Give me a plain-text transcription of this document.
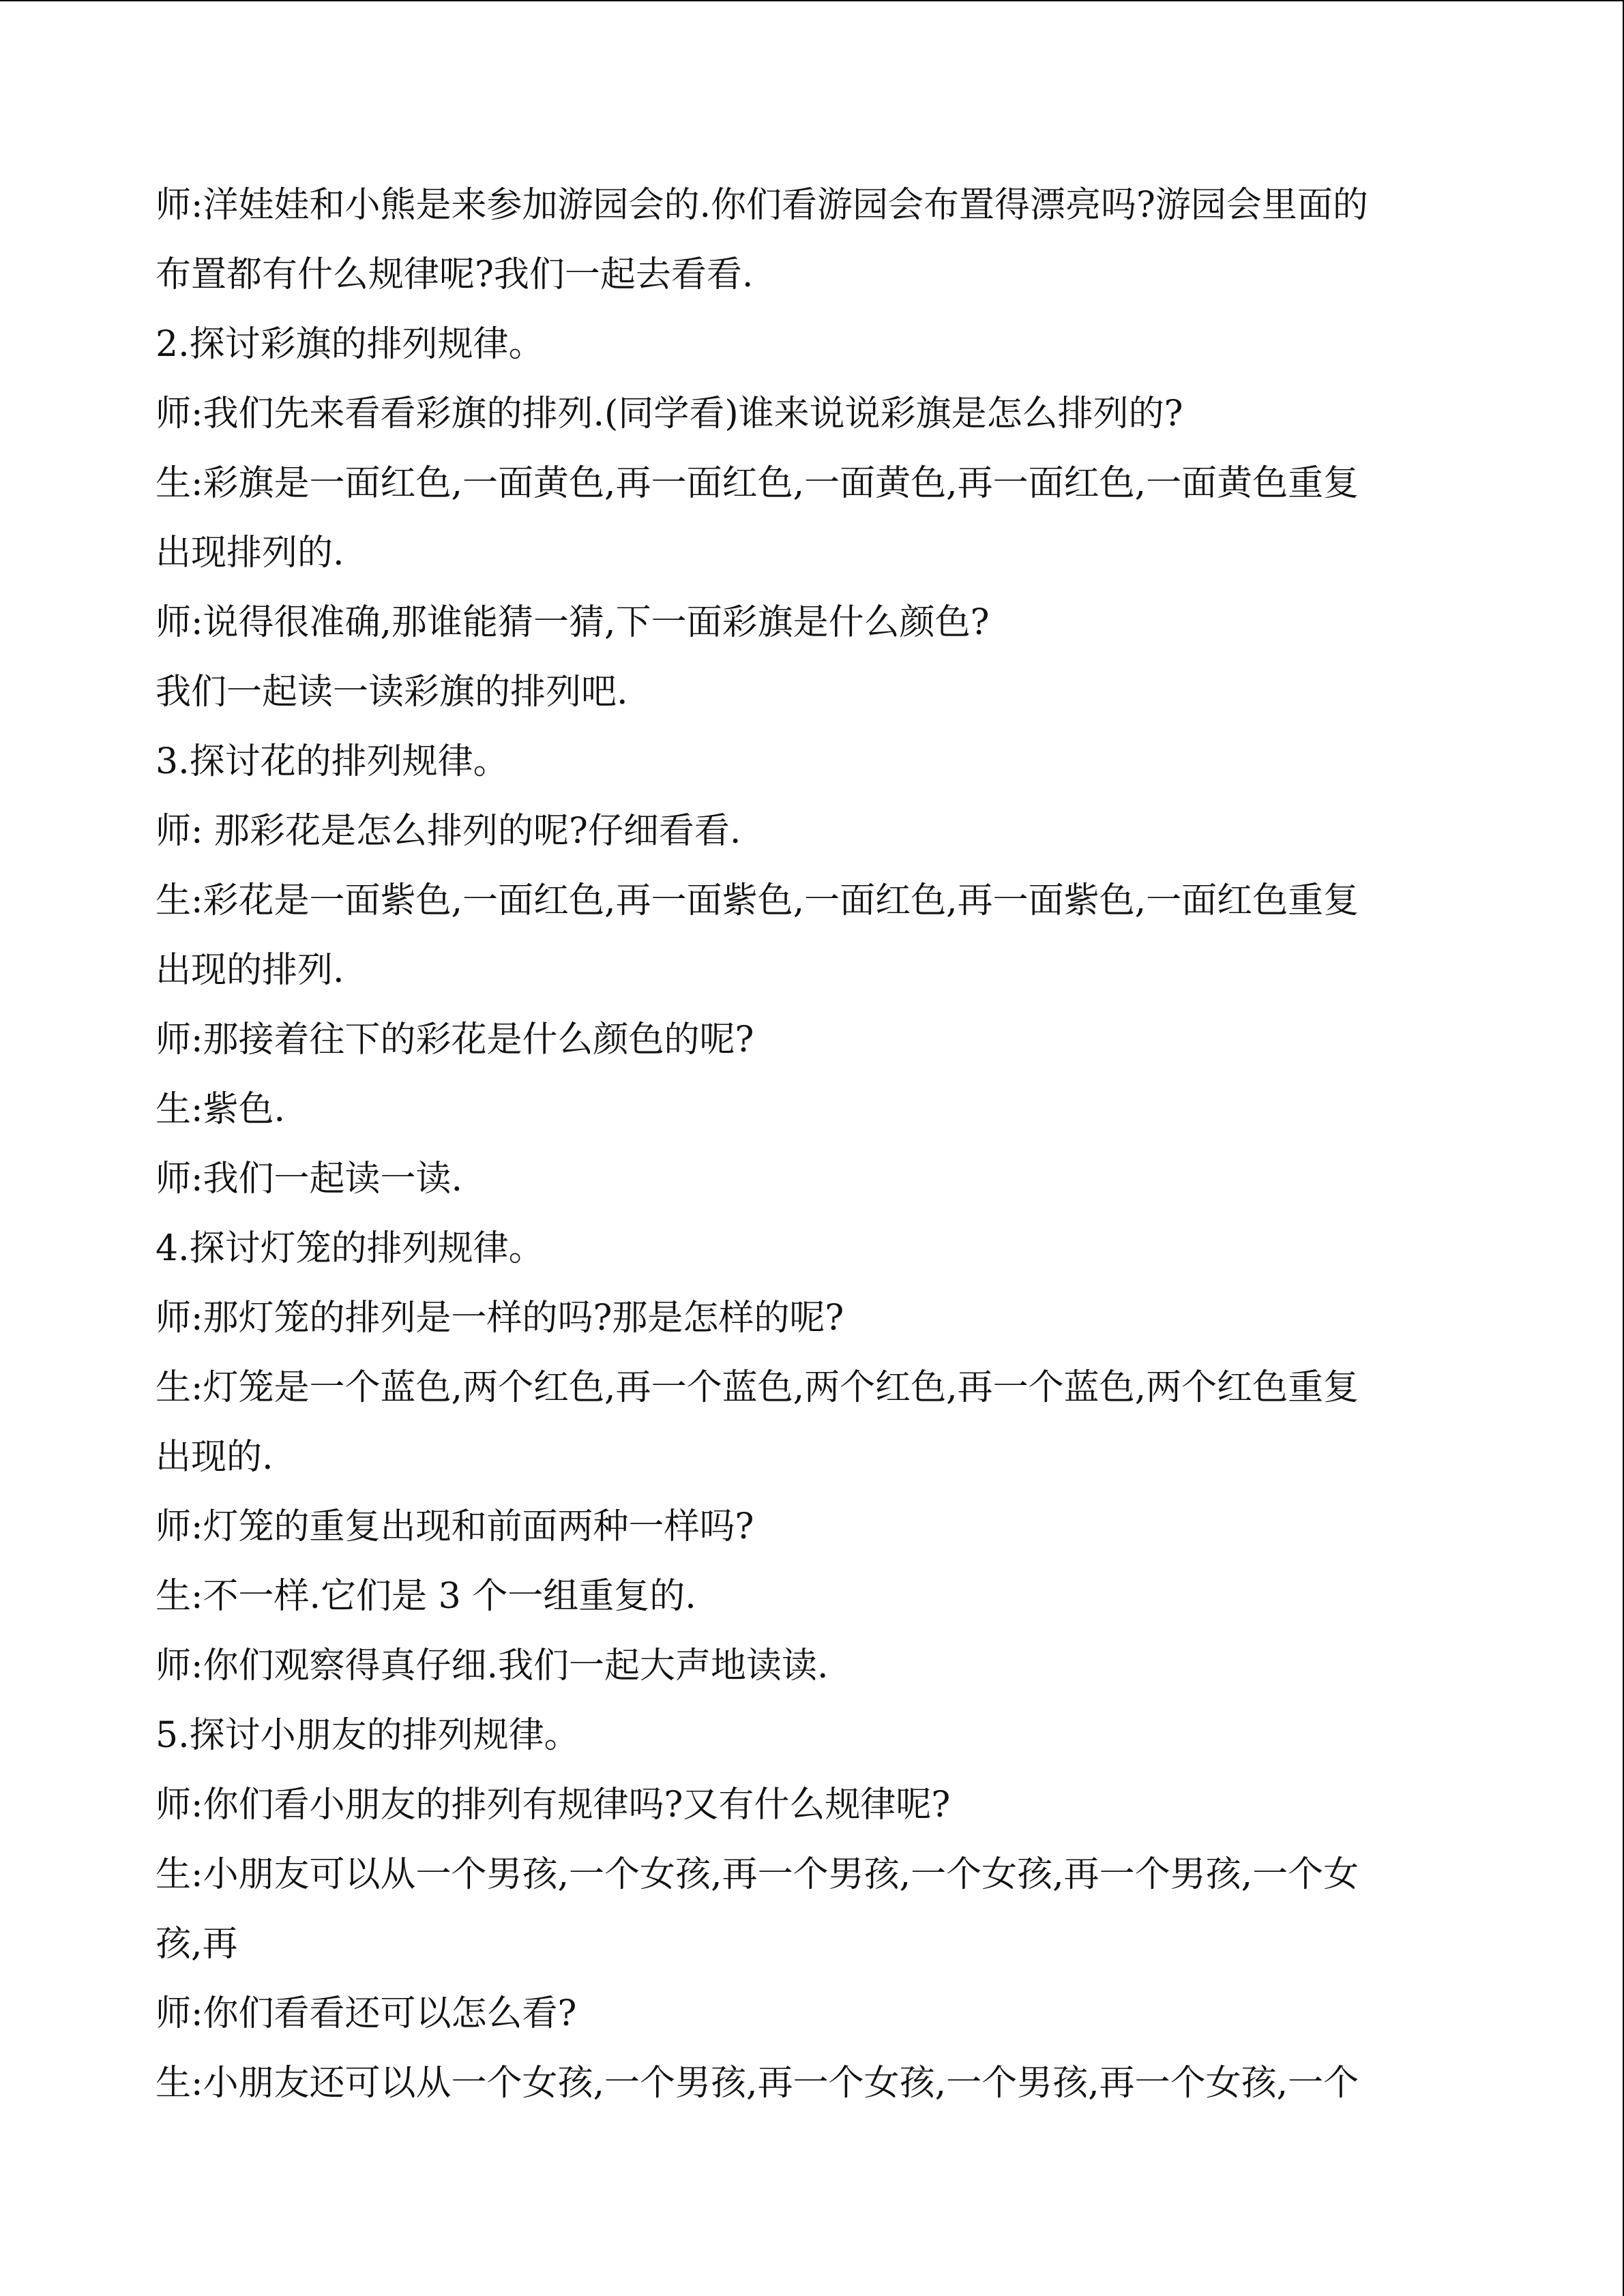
师:洋娃娃和小熊是来参加游园会的.你们看游园会布置得漂亮吗?游园会里面的
布置都有什么规律呢?我们一起去看看.
2.探讨彩旗的排列规律。
师:我们先来看看彩旗的排列.(同学看)谁来说说彩旗是怎么排列的?
生:彩旗是一面红色,一面黄色,再一面红色,一面黄色,再一面红色,一面黄色重复
出现排列的.
师:说得很准确,那谁能猜一猜,下一面彩旗是什么颜色?
我们一起读一读彩旗的排列吧.
3.探讨花的排列规律。
师: 那彩花是怎么排列的呢?仔细看看.
生:彩花是一面紫色,一面红色,再一面紫色,一面红色,再一面紫色,一面红色重复
出现的排列.
师:那接着往下的彩花是什么颜色的呢?
生:紫色.
师:我们一起读一读.
4.探讨灯笼的排列规律。
师:那灯笼的排列是一样的吗?那是怎样的呢?
生:灯笼是一个蓝色,两个红色,再一个蓝色,两个红色,再一个蓝色,两个红色重复
出现的.
师:灯笼的重复出现和前面两种一样吗?
生:不一样.它们是 3 个一组重复的.
师:你们观察得真仔细.我们一起大声地读读.
5.探讨小朋友的排列规律。
师:你们看小朋友的排列有规律吗?又有什么规律呢?
生:小朋友可以从一个男孩,一个女孩,再一个男孩,一个女孩,再一个男孩,一个女
孩,再
师:你们看看还可以怎么看?
生:小朋友还可以从一个女孩,一个男孩,再一个女孩,一个男孩,再一个女孩,一个
